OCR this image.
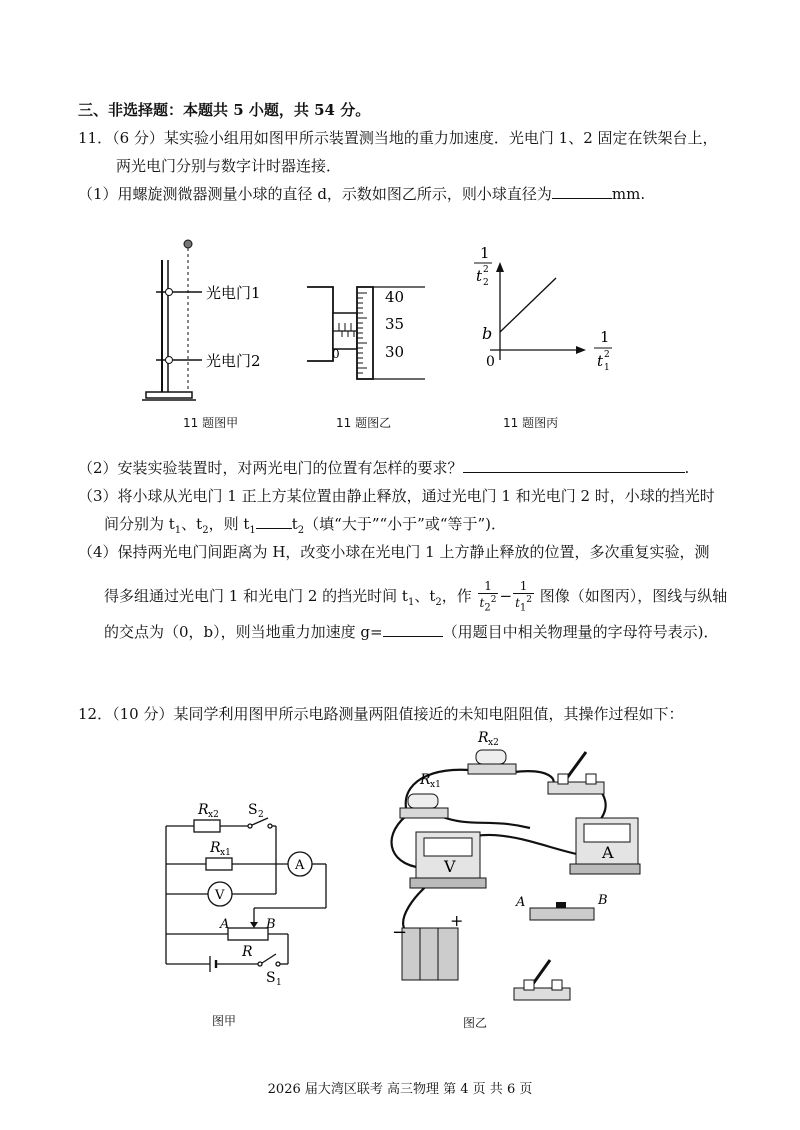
三、非选择题：本题共 5 小题，共 54 分。
11．（6 分）某实验小组用如图甲所示装置测当地的重力加速度．光电门 1、2 固定在铁架台上，
两光电门分别与数字计时器连接．
（1）用螺旋测微器测量小球的直径 d，示数如图乙所示，则小球直径为	mm.
光电门1
光电门2
11 题图甲
0
40
35
30
11 题图乙
1
t 2
2
b
0
1
t 1
2
11 题图丙
（2）安装实验装置时，对两光电门的位置有怎样的要求？	.
（3）将小球从光电门 1 正上方某位置由静止释放，通过光电门 1 和光电门 2 时，小球的挡光时
间分别为 $t_1$、$t_2$，则 $t_1$ $t_2$（填“大于”“小于”或“等于”)．
（4）保持两光电门间距离为 H，改变小球在光电门 1 上方静止释放的位置，多次重复实验，测
得多组通过光电门 1 和光电门 2 的挡光时间 $t_1$、$t_2$，作 $\frac{1}{t_2^2} - \frac{1}{t_1^2}$ 图像（如图丙），图线与纵轴
的交点为（0，b），则当地重力加速度 g=	（用题目中相关物理量的字母符号表示)．
12．（10 分）某同学利用图甲所示电路测量两阻值接近的未知电阻阻值，其操作过程如下：
R x2 S 2
R x1
A
V
A	B
R
S 1
图甲
R x2
R x1
V
A
−
+
A	B
图乙
2026 届大湾区联考 高三物理 第 4 页 共 6 页
